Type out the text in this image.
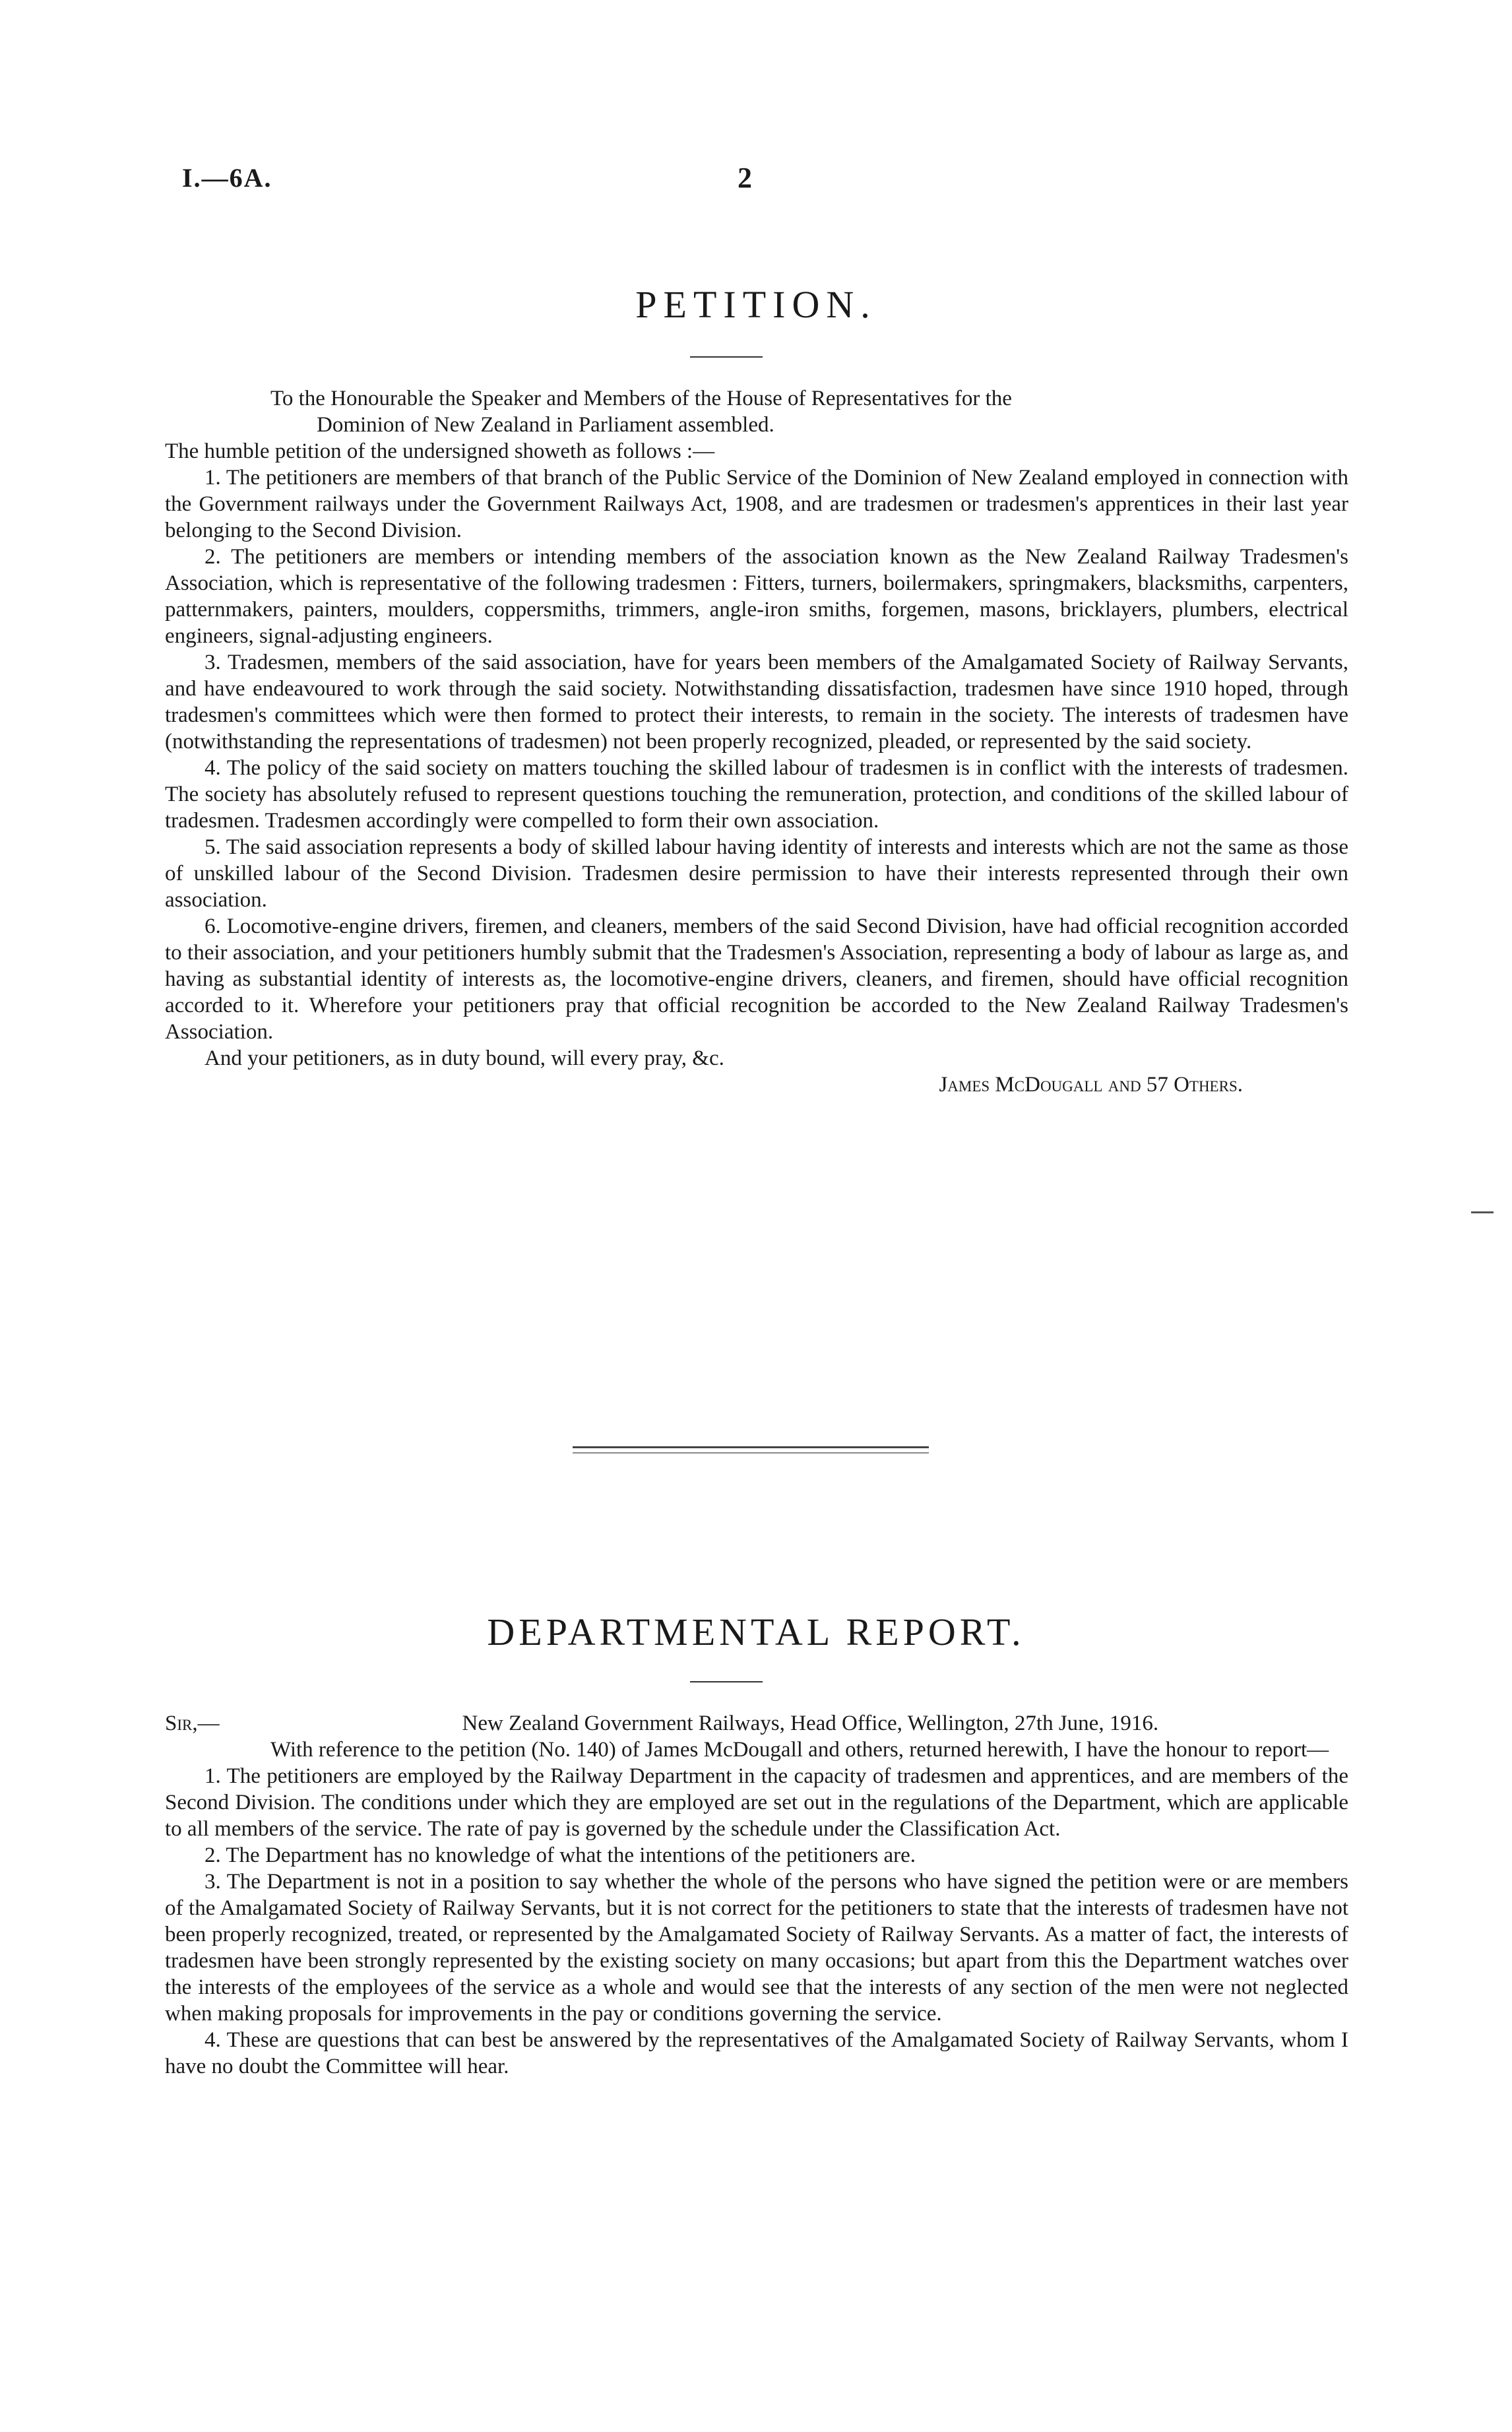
I.—6A.	2
PETITION.

To the Honourable the Speaker and Members of the House of Representatives for the

Dominion of New Zealand in Parliament assembled.

The humble petition of the undersigned showeth as follows :—

1. The petitioners are members of that branch of the Public Service of the Dominion of New Zealand employed in connection with the Government railways under the Government Railways Act, 1908, and are tradesmen or tradesmen's apprentices in their last year belonging to the Second Division.

2. The petitioners are members or intending members of the association known as the New Zealand Railway Tradesmen's Association, which is representative of the following tradesmen : Fitters, turners, boilermakers, springmakers, blacksmiths, carpenters, patternmakers, painters, moulders, coppersmiths, trimmers, angle-iron smiths, forgemen, masons, bricklayers, plumbers, electrical engineers, signal-adjusting engineers.

3. Tradesmen, members of the said association, have for years been members of the Amalgamated Society of Railway Servants, and have endeavoured to work through the said society. Notwithstanding dissatisfaction, tradesmen have since 1910 hoped, through tradesmen's committees which were then formed to protect their interests, to remain in the society. The interests of tradesmen have (notwithstanding the representations of tradesmen) not been properly recognized, pleaded, or represented by the said society.

4. The policy of the said society on matters touching the skilled labour of tradesmen is in conflict with the interests of tradesmen. The society has absolutely refused to represent questions touching the remuneration, protection, and conditions of the skilled labour of tradesmen. Tradesmen accordingly were compelled to form their own association.

5. The said association represents a body of skilled labour having identity of interests and interests which are not the same as those of unskilled labour of the Second Division. Tradesmen desire permission to have their interests represented through their own association.

6. Locomotive-engine drivers, firemen, and cleaners, members of the said Second Division, have had official recognition accorded to their association, and your petitioners humbly submit that the Tradesmen's Association, representing a body of labour as large as, and having as substantial identity of interests as, the locomotive-engine drivers, cleaners, and firemen, should have official recognition accorded to it. Wherefore your petitioners pray that official recognition be accorded to the New Zealand Railway Tradesmen's Association.

And your petitioners, as in duty bound, will every pray, &c.

James McDougall and 57 Others.

DEPARTMENTAL REPORT.
Sir,—	New Zealand Government Railways, Head Office, Wellington, 27th June, 1916.

With reference to the petition (No. 140) of James McDougall and others, returned herewith, I have the honour to report—

1. The petitioners are employed by the Railway Department in the capacity of tradesmen and apprentices, and are members of the Second Division. The conditions under which they are employed are set out in the regulations of the Department, which are applicable to all members of the service. The rate of pay is governed by the schedule under the Classification Act.

2. The Department has no knowledge of what the intentions of the petitioners are.

3. The Department is not in a position to say whether the whole of the persons who have signed the petition were or are members of the Amalgamated Society of Railway Servants, but it is not correct for the petitioners to state that the interests of tradesmen have not been properly recognized, treated, or represented by the Amalgamated Society of Railway Servants. As a matter of fact, the interests of tradesmen have been strongly represented by the existing society on many occasions; but apart from this the Department watches over the interests of the employees of the service as a whole and would see that the interests of any section of the men were not neglected when making proposals for improvements in the pay or conditions governing the service.

4. These are questions that can best be answered by the representatives of the Amalgamated Society of Railway Servants, whom I have no doubt the Committee will hear.
